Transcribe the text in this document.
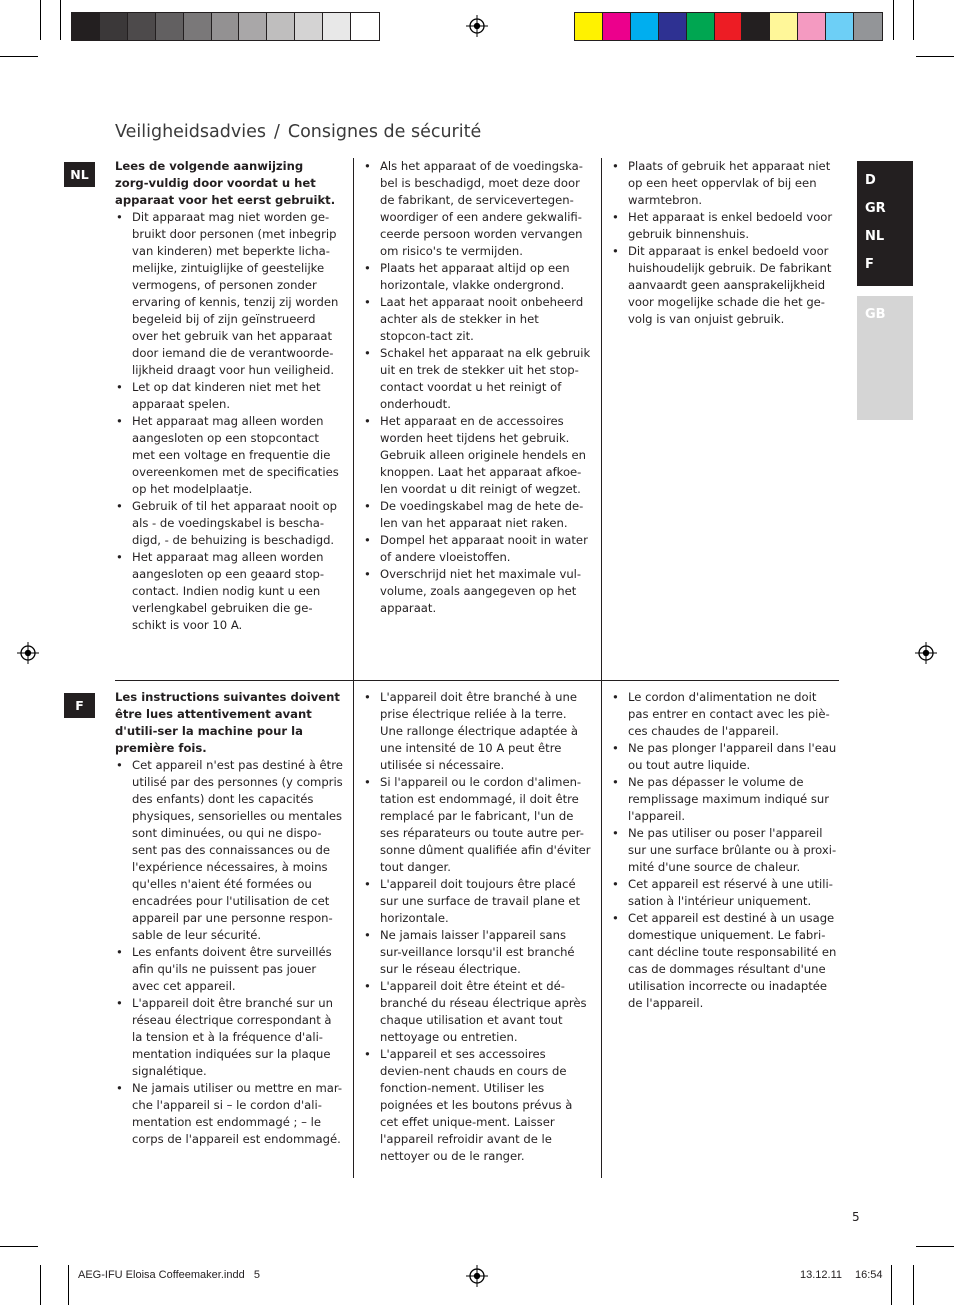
Veiligheidsadvies / Consignes de sécurité
D
GR
NL
F
GB
NL

Lees de volgende aanwijzing zorg-vuldig door voordat u het apparaat voor het eerst gebruikt.

• Dit apparaat mag niet worden ge-bruikt door personen (met inbegrip van kinderen) met beperkte licha-melijke, zintuiglijke of geestelijke vermogens, of personen zonder ervaring of kennis, tenzij zij worden begeleid bij of zijn geïnstrueerd over het gebruik van het apparaat door iemand die de verantwoorde-lijkheid draagt voor hun veiligheid.
• Let op dat kinderen niet met het apparaat spelen.
• Het apparaat mag alleen worden aangesloten op een stopcontact met een voltage en frequentie die overeenkomen met de specificaties op het modelplaatje.
• Gebruik of til het apparaat nooit op als - de voedingskabel is bescha-digd, - de behuizing is beschadigd.
• Het apparaat mag alleen worden aangesloten op een geaard stop-contact. Indien nodig kunt u een verlengkabel gebruiken die ge-schikt is voor 10 A.
• Als het apparaat of de voedingska-bel is beschadigd, moet deze door de fabrikant, de servicevertegen-woordiger of een andere gekwalifi-ceerde persoon worden vervangen om risico's te vermijden.
• Plaats het apparaat altijd op een horizontale, vlakke ondergrond.
• Laat het apparaat nooit onbeheerd achter als de stekker in het stopcon-tact zit.
• Schakel het apparaat na elk gebruik uit en trek de stekker uit het stop-contact voordat u het reinigt of onderhoudt.
• Het apparaat en de accessoires worden heet tijdens het gebruik. Gebruik alleen originele hendels en knoppen. Laat het apparaat afkoe-len voordat u dit reinigt of wegzet.
• De voedingskabel mag de hete de-len van het apparaat niet raken.
• Dompel het apparaat nooit in water of andere vloeistoffen.
• Overschrijd niet het maximale vul-volume, zoals aangegeven op het apparaat.
• Plaats of gebruik het apparaat niet op een heet oppervlak of bij een warmtebron.
• Het apparaat is enkel bedoeld voor gebruik binnenshuis.
• Dit apparaat is enkel bedoeld voor huishoudelijk gebruik. De fabrikant aanvaardt geen aansprakelijkheid voor mogelijke schade die het ge-volg is van onjuist gebruik.
F

Les instructions suivantes doivent être lues attentivement avant d'utili-ser la machine pour la première fois.

• Cet appareil n'est pas destiné à être utilisé par des personnes (y compris des enfants) dont les capacités physiques, sensorielles ou mentales sont diminuées, ou qui ne dispo-sent pas des connaissances ou de l'expérience nécessaires, à moins qu'elles n'aient été formées ou encadrées pour l'utilisation de cet appareil par une personne respon-sable de leur sécurité.
• Les enfants doivent être surveillés afin qu'ils ne puissent pas jouer avec cet appareil.
• L'appareil doit être branché sur un réseau électrique correspondant à la tension et à la fréquence d'ali-mentation indiquées sur la plaque signalétique.
• Ne jamais utiliser ou mettre en mar-che l'appareil si – le cordon d'ali-mentation est endommagé ; – le corps de l'appareil est endommagé.
• L'appareil doit être branché à une prise électrique reliée à la terre. Une rallonge électrique adaptée à une intensité de 10 A peut être utilisée si nécessaire.
• Si l'appareil ou le cordon d'alimen-tation est endommagé, il doit être remplacé par le fabricant, l'un de ses réparateurs ou toute autre per-sonne dûment qualifiée afin d'éviter tout danger.
• L'appareil doit toujours être placé sur une surface de travail plane et horizontale.
• Ne jamais laisser l'appareil sans sur-veillance lorsqu'il est branché sur le réseau électrique.
• L'appareil doit être éteint et dé-branché du réseau électrique après chaque utilisation et avant tout nettoyage ou entretien.
• L'appareil et ses accessoires devien-nent chauds en cours de fonction-nement. Utiliser les poignées et les boutons prévus à cet effet unique-ment. Laisser l'appareil refroidir avant de le nettoyer ou de le ranger.
• Le cordon d'alimentation ne doit pas entrer en contact avec les piè-ces chaudes de l'appareil.
• Ne pas plonger l'appareil dans l'eau ou tout autre liquide.
• Ne pas dépasser le volume de remplissage maximum indiqué sur l'appareil.
• Ne pas utiliser ou poser l'appareil sur une surface brûlante ou à proxi-mité d'une source de chaleur.
• Cet appareil est réservé à une utili-sation à l'intérieur uniquement.
• Cet appareil est destiné à un usage domestique uniquement. Le fabri-cant décline toute responsabilité en cas de dommages résultant d'une utilisation incorrecte ou inadaptée de l'appareil.
5
AEG-IFU Eloisa Coffeemaker.indd   5	13.12.11 16:54
